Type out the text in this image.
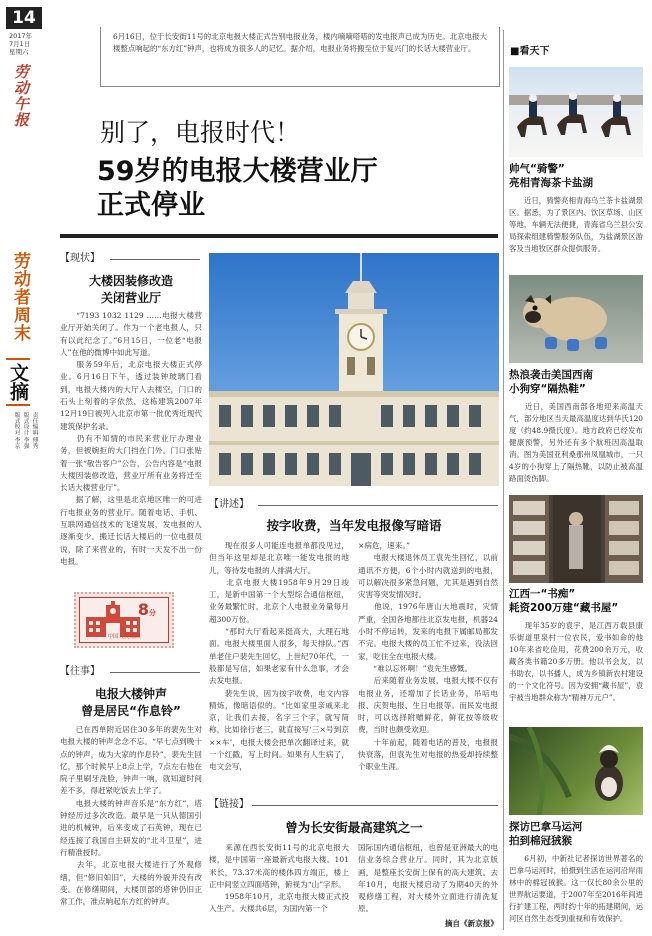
14
2017年
7月1日
星期六
劳动午报
劳动者周末
文摘
责任编辑 傅秀
版式设计 李强
版式校对 李京
6月16日，位于长安街11号的北京电报大楼正式告别电报业务，楼内嘀嘀嗒嗒的发电报声已成为历史。北京电报大楼整点响起的“东方红”钟声，也将成为很多人的记忆。据介绍，电报业务将搬至位于复兴门的长话大楼营业厅。
别了，电报时代！
59岁的电报大楼营业厅
正式停业
【现状】
大楼因装修改造
关闭营业厅
　　“7193 1032 1129 ……电报大楼营业厅开始关闭了。作为一个老电报人，只有以此纪念了。”6月15日，一位老“电报人”在他的微博中如此写道。
　　服务59年后，北京电报大楼正式停业。6月16日下午，透过装钟玻璃门看到，电报大楼内的大厅人去楼空，门口的石头上刻着的字依然，这栋建筑2007年12月19日被列入北京市第一批优秀近现代建筑保护名录。
　　仍有不知情的市民来营业厅办理业务，但被婉拒的大门挡在门外。门口张贴着一张“敬告客户”公告，公告内容是“电报大楼因装修改造，营业厅所有业务将迁至长话大楼营业厅”。
　　据了解，这里是北京地区唯一的可进行电报业务的营业厅。随着电话、手机、互联网通信技术的飞速发展，发电报的人逐渐变少。搬迁长话大楼后的一位电报员说，除了来营业的，有时一天发不出一份电报。
8分
中国人民邮政
【往事】
电报大楼钟声
曾是居民“作息铃”
　　已在西单附近居住30多年的裴先生对电报大楼的钟声念念不忘。“早七点到晚十点的钟声，成为大家的作息铃”，裴先生回忆，那个时候早上8点上学，7点左右他在院子里刷牙洗脸，钟声一响，就知道时间差不多，得赶紧吃饭去上学了。
　　电报大楼的钟声音乐是“东方红”，塔钟经历过多次改造。最早是一只从德国引进的机械钟，后来变成了石英钟，现在已经连接了我国自主研发的“北斗卫星”，进行精准授时。
　　去年，北京电报大楼进行了外观修缮，但“修旧如旧”，大楼的外貌并没有改变。在修缮期间，大楼顶部的塔钟仍旧正常工作，准点响起东方红的钟声。
【讲述】
按字收费，当年发电报像写暗语
　　现在很多人可能连电报单都没见过，但当年这里却是北京唯一能发电报的地儿，等待发电报的人排满大厅。
　　北京电报大楼1958年9月29日竣工，是新中国第一个大型综合通信枢纽，业务最繁忙时，北京个人电报业务量每月超300万份。
　　“那时大厅看起来挺高大，大理石地面。电报大楼里面人很多，每天排队。”西单老住户裴先生回忆，上世纪70年代，一般都是写信，如果老家有什么急事，才会去发电报。
　　裴先生说，因为按字收费，电文内容精炼，像暗语似的。“比如家里亲戚来北京，让我们去接，名字三个字，就写简称，比如徐行老三，就直接写‘三×号到京××车’，电报大楼会把单次翻译过来，就一个红戳，写上时间。如果有人生病了，电文会写，
×病危，速来。”
　　电报大楼退休员工袁先生回忆，以前通讯不方便，6个小时内就送到的电报，可以解决很多紧急问题，尤其是遇到自然灾害等突发情况时。
　　他说，1976年唐山大地震时，灾情严重，全国各地都往北京发电报，机器24小时不停运转，发来的电报下属邮局都发不完。电报大楼的员工忙不过来，没法回家，吃住全在电报大楼。
　　“难以忘怀啊！”袁先生感慨。
　　后来随着业务发展，电报大楼不仅有电报业务，还增加了长话业务，吊唁电报、庆贺电报、生日电报等。而民发电报时，可以选择附赠鲜花，鲜花按等级收费，当时也颇受欢迎。
　　十年前起，随着电话的普及，电报报快衰落，但袁先生对电报的热爱却持续整个职业生涯。
【链接】
曾为长安街最高建筑之一
　　来源在西长安街11号的北京电报大楼，是中国第一座最新式电报大楼。101米长，73.37米高的楼体四方端正，楼上正中间竖立四面塔钟，俯视为“山”字形。
　　1958年10月，北京电报大楼正式投入生产。大楼共6层，为国内第一个
国际国内通信枢纽，也曾是亚洲最大的电信业务综合营业厅。同时，其为北京版画，是整座长安街上保有的高大建筑。去年10月，电报大楼启动了为期40天的外观修缮工程，对大楼外立面进行清洗复原。
摘自《新京报》
■看天下
帅气“骑警”
亮相青海茶卡盐湖
　　近日，骑警亮相青海乌兰茶卡盐湖景区。据悉，为了景区内、饮区草场、山区等地，车辆无法便捷，青海省乌兰县公安局探索组建骑警服务队伍，为盐湖景区游客及当地牧区群众提供服务。
热浪袭击美国西南
小狗穿“隔热鞋”
　　近日，美国西南部各地迎来高温天气，部分地区当天最高温度达到华氏120度（约48.9摄氏度）。地方政府已经发布健康预警，另外还有多个航班因高温取消。图为美国亚利桑那州凤凰城市，一只4岁的小狗穿上了隔热靴，以防止被高温路面烫伤脚。
江西一“书痴”
耗资200万建“藏书屋”
　　现年35岁的袁宇，是江西万载县康乐街道里泉村一位农民，爱书如命的他10年来省吃俭用，花费200余万元，收藏各类书籍20多万册。他以书会友，以书助农，以书播人，成为乡镇新农村建设的一个文化符号。因为安拥“藏书屋”，袁宇被当地群众称为“精神万元户”。
探访巴拿马运河
拍到棉冠狨猴
　　6月初，中新社记者探访世界著名的巴拿马运河时，拍摄到生活在运河沿岸雨林中的棉冠狨猴。这一仅长80余公里的世界航运要道，于2007年至2016年间进行扩建工程，两时约十年的拓建期间，运河区自然生态受到重视和有效保护。
